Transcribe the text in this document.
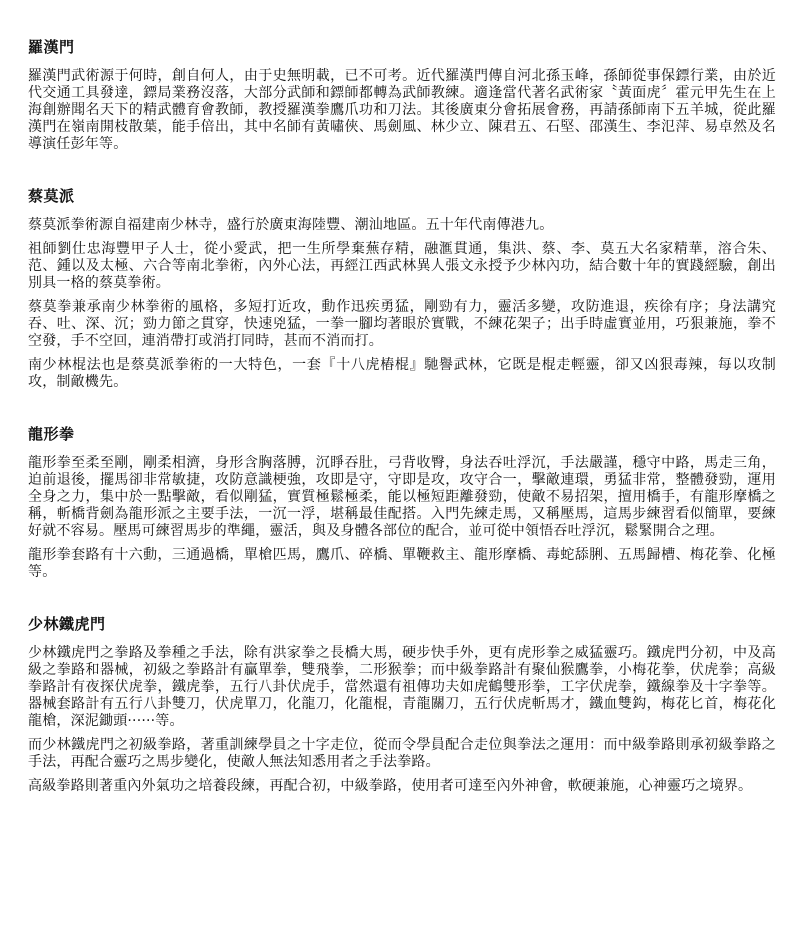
羅漢門

羅漢門武術源于何時，創自何人，由于史無明載，已不可考。近代羅漢門傳自河北孫玉峰，孫師從事保鏢行業，由於近代交通工具發達，鏢局業務沒落，大部分武師和鏢師都轉為武師教練。適逢當代著名武術家〝黃面虎〞霍元甲先生在上海創辦聞名天下的精武體育會教師，教授羅漢拳鷹爪功和刀法。其後廣東分會拓展會務，再請孫師南下五羊城，從此羅漢門在嶺南開枝散葉，能手倍出，其中名師有黃嘯俠、馬劍風、林少立、陳君五、石堅、邵漢生、李氾萍、易卓然及名導演任彭年等。

蔡莫派

蔡莫派拳術源自福建南少林寺，盛行於廣東海陸豐、潮汕地區。五十年代南傳港九。

祖師劉仕忠海豐甲子人士，從小愛武，把一生所學棄蕪存精，融滙貫通，集洪、蔡、李、莫五大名家精華，溶合朱、范、鍾以及太極、六合等南北拳術，內外心法，再經江西武林異人張文永授予少林內功，結合數十年的實踐經驗，創出別具一格的蔡莫拳術。

蔡莫拳兼承南少林拳術的風格，多短打近攻，動作迅疾勇猛，剛勁有力，靈活多變，攻防進退，疾徐有序；身法講究吞、吐、深、沉；勁力節之貫穿，快速兇猛，一拳一腳均著眼於實戰，不練花架子；出手時虛實並用，巧狠兼施，拳不空發，手不空回，連消帶打或消打同時，甚而不消而打。

南少林棍法也是蔡莫派拳術的一大特色，一套『十八虎樁棍』馳譽武林，它既是棍走輕靈，卻又凶狠毒辣，每以攻制攻，制敵機先。

龍形拳

龍形拳至柔至剛，剛柔相濟，身形含胸落膊，沉睜吞肚，弓背收臀，身法吞吐浮沉，手法嚴謹，穩守中路，馬走三角，迫前退後，擺馬卻非常敏捷，攻防意識梗強，攻即是守，守即是攻，攻守合一，擊敵連環，勇猛非常，整體發勁，運用全身之力，集中於一點擊敵，看似剛猛，實質極鬆極柔，能以極短距離發勁，使敵不易招架，擅用橋手，有龍形摩橋之稱，斬橋背劍為龍形派之主要手法，一沉一浮，堪稱最佳配搭。入門先練走馬，又稱壓馬，這馬步練習看似簡單，要練好就不容易。壓馬可練習馬步的準繩，靈活，與及身體各部位的配合，並可從中領悟吞吐浮沉，鬆緊開合之理。

龍形拳套路有十六動，三通過橋，單槍匹馬，鷹爪、碎橋、單鞭救主、龍形摩橋、毒蛇舔脷、五馬歸槽、梅花拳、化極等。

少林鐵虎門

少林鐵虎門之拳路及拳種之手法，除有洪家拳之長橋大馬，硬步快手外，更有虎形拳之威猛靈巧。鐵虎門分初，中及高級之拳路和器械，初級之拳路計有贏單拳，雙飛拳，二形猴拳；而中級拳路計有聚仙猴鷹拳，小梅花拳，伏虎拳；高級拳路計有夜探伏虎拳，鐵虎拳，五行八卦伏虎手，當然還有祖傳功夫如虎鶴雙形拳，工字伏虎拳，鐵線拳及十字拳等。器械套路計有五行八卦雙刀，伏虎單刀，化龍刀，化龍棍，青龍關刀，五行伏虎斬馬才，鐵血雙鈎，梅花匕首，梅花化龍槍，深泥鋤頭······等。

而少林鐵虎門之初級拳路，著重訓練學員之十字走位，從而令學員配合走位與拳法之運用：而中級拳路則承初級拳路之手法，再配合靈巧之馬步變化，使敵人無法知悉用者之手法拳路。

高級拳路則著重內外氣功之培養段練，再配合初，中級拳路，使用者可達至內外神會，軟硬兼施，心神靈巧之境界。
